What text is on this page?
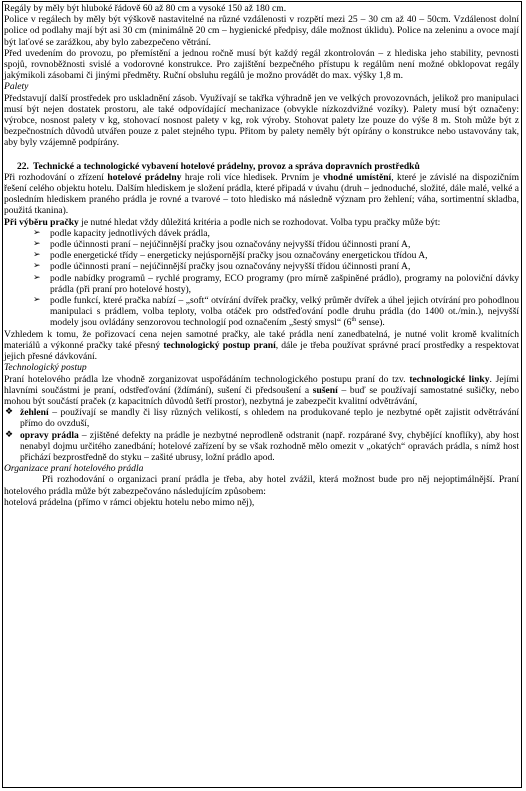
Regály by měly být hluboké řádově 60 až 80 cm a vysoké 150 až 180 cm.

Police v regálech by měly být výškově nastavitelné na různé vzdálenosti v rozpětí mezi 25 – 30 cm až 40 – 50cm. Vzdálenost dolní police od podlahy mají být asi 30 cm (minimálně 20 cm – hygienické předpisy, dále možnost úklidu). Police na zeleninu a ovoce mají být laťové se zarážkou, aby bylo zabezpečeno větrání.

Před uvedením do provozu, po přemístění a jednou ročně musí být každý regál zkontrolován – z hlediska jeho stability, pevnosti spojů, rovnoběžnosti svislé a vodorovné konstrukce. Pro zajištění bezpečného přístupu k regálům není možné obklopovat regály jakýmikoli zásobami či jinými předměty. Ruční obsluhu regálů je možno provádět do max. výšky 1,8 m.

Palety

Představují další prostředek pro uskladnění zásob. Využívají se takřka výhradně jen ve velkých provozovnách, jelikož pro manipulaci musí být nejen dostatek prostoru, ale také odpovídající mechanizace (obvykle nízkozdvižné vozíky). Palety musí být označeny: výrobce, nosnost palety v kg, stohovací nosnost palety v kg, rok výroby. Stohovat palety lze pouze do výše 8 m. Stoh může být z bezpečnostních důvodů utvářen pouze z palet stejného typu. Přitom by palety neměly být opírány o konstrukce nebo ustavovány tak, aby byly vzájemně podpírány.

22. Technické a technologické vybavení hotelové prádelny, provoz a správa dopravních prostředků

Při rozhodování o zřízení hotelové prádelny hraje roli více hledisek. Prvním je vhodné umístění, které je závislé na dispozičním řešení celého objektu hotelu. Dalším hlediskem je složení prádla, které připadá v úvahu (druh – jednoduché, složité, dále malé, velké a posledním hlediskem praného prádla je rovné a tvarové – toto hledisko má následně význam pro žehlení; váha, sortimentní skladba, použitá tkanina).

Při výběru pračky je nutné hledat vždy důležitá kritéria a podle nich se rozhodovat. Volba typu pračky může být:

➢ podle kapacity jednotlivých dávek prádla,
➢ podle účinnosti praní – nejúčinnější pračky jsou označovány nejvyšší třídou účinnosti praní A,
➢ podle energetické třídy – energeticky nejúspornější pračky jsou označovány energetickou třídou A,
➢ podle účinnosti praní – nejúčinnější pračky jsou označovány nejvyšší třídou účinnosti praní A,
➢ podle nabídky programů – rychlé programy, ECO programy (pro mírně zašpiněné prádlo), programy na poloviční dávky prádla (při praní pro hotelové hosty),
➢ podle funkcí, které pračka nabízí – „soft“ otvírání dvířek pračky, velký průměr dvířek a úhel jejich otvírání pro pohodlnou manipulaci s prádlem, volba teploty, volba otáček pro odstřeďování podle druhu prádla (do 1400 ot./min.), nejvyšší modely jsou ovládány senzorovou technologií pod označením „šestý smysl“ (6th sense).

Vzhledem k tomu, že pořizovací cena nejen samotné pračky, ale také prádla není zanedbatelná, je nutné volit kromě kvalitních materiálů a výkonné pračky také přesný technologický postup praní, dále je třeba používat správné prací prostředky a respektovat jejich přesné dávkování.

Technologický postup

Praní hotelového prádla lze vhodně zorganizovat uspořádáním technologického postupu praní do tzv. technologické linky. Jejími hlavními součástmi je praní, odstřeďování (ždímání), sušení či předsoušení a sušení – buď se používají samostatné sušičky, nebo mohou být součástí praček (z kapacitních důvodů šetří prostor), nezbytná je zabezpečit kvalitní odvětrávání,

❖ žehlení – používají se mandly či lisy různých velikostí, s ohledem na produkované teplo je nezbytné opět zajistit odvětrávání přímo do ovzduší,
❖ opravy prádla – zjištěné defekty na prádle je nezbytné neprodleně odstranit (např. rozpárané švy, chybějící knoflíky), aby host nenabyl dojmu určitého zanedbání; hotelové zařízení by se však rozhodně mělo omezit v „okatých“ opravách prádla, s nímž host přichází bezprostředně do styku – zašité ubrusy, ložní prádlo apod.

Organizace praní hotelového prádla

Při rozhodování o organizaci praní prádla je třeba, aby hotel zvážil, která možnost bude pro něj nejoptimálnější. Praní hotelového prádla může být zabezpečováno následujícím způsobem:

hotelová prádelna (přímo v rámci objektu hotelu nebo mimo něj),
